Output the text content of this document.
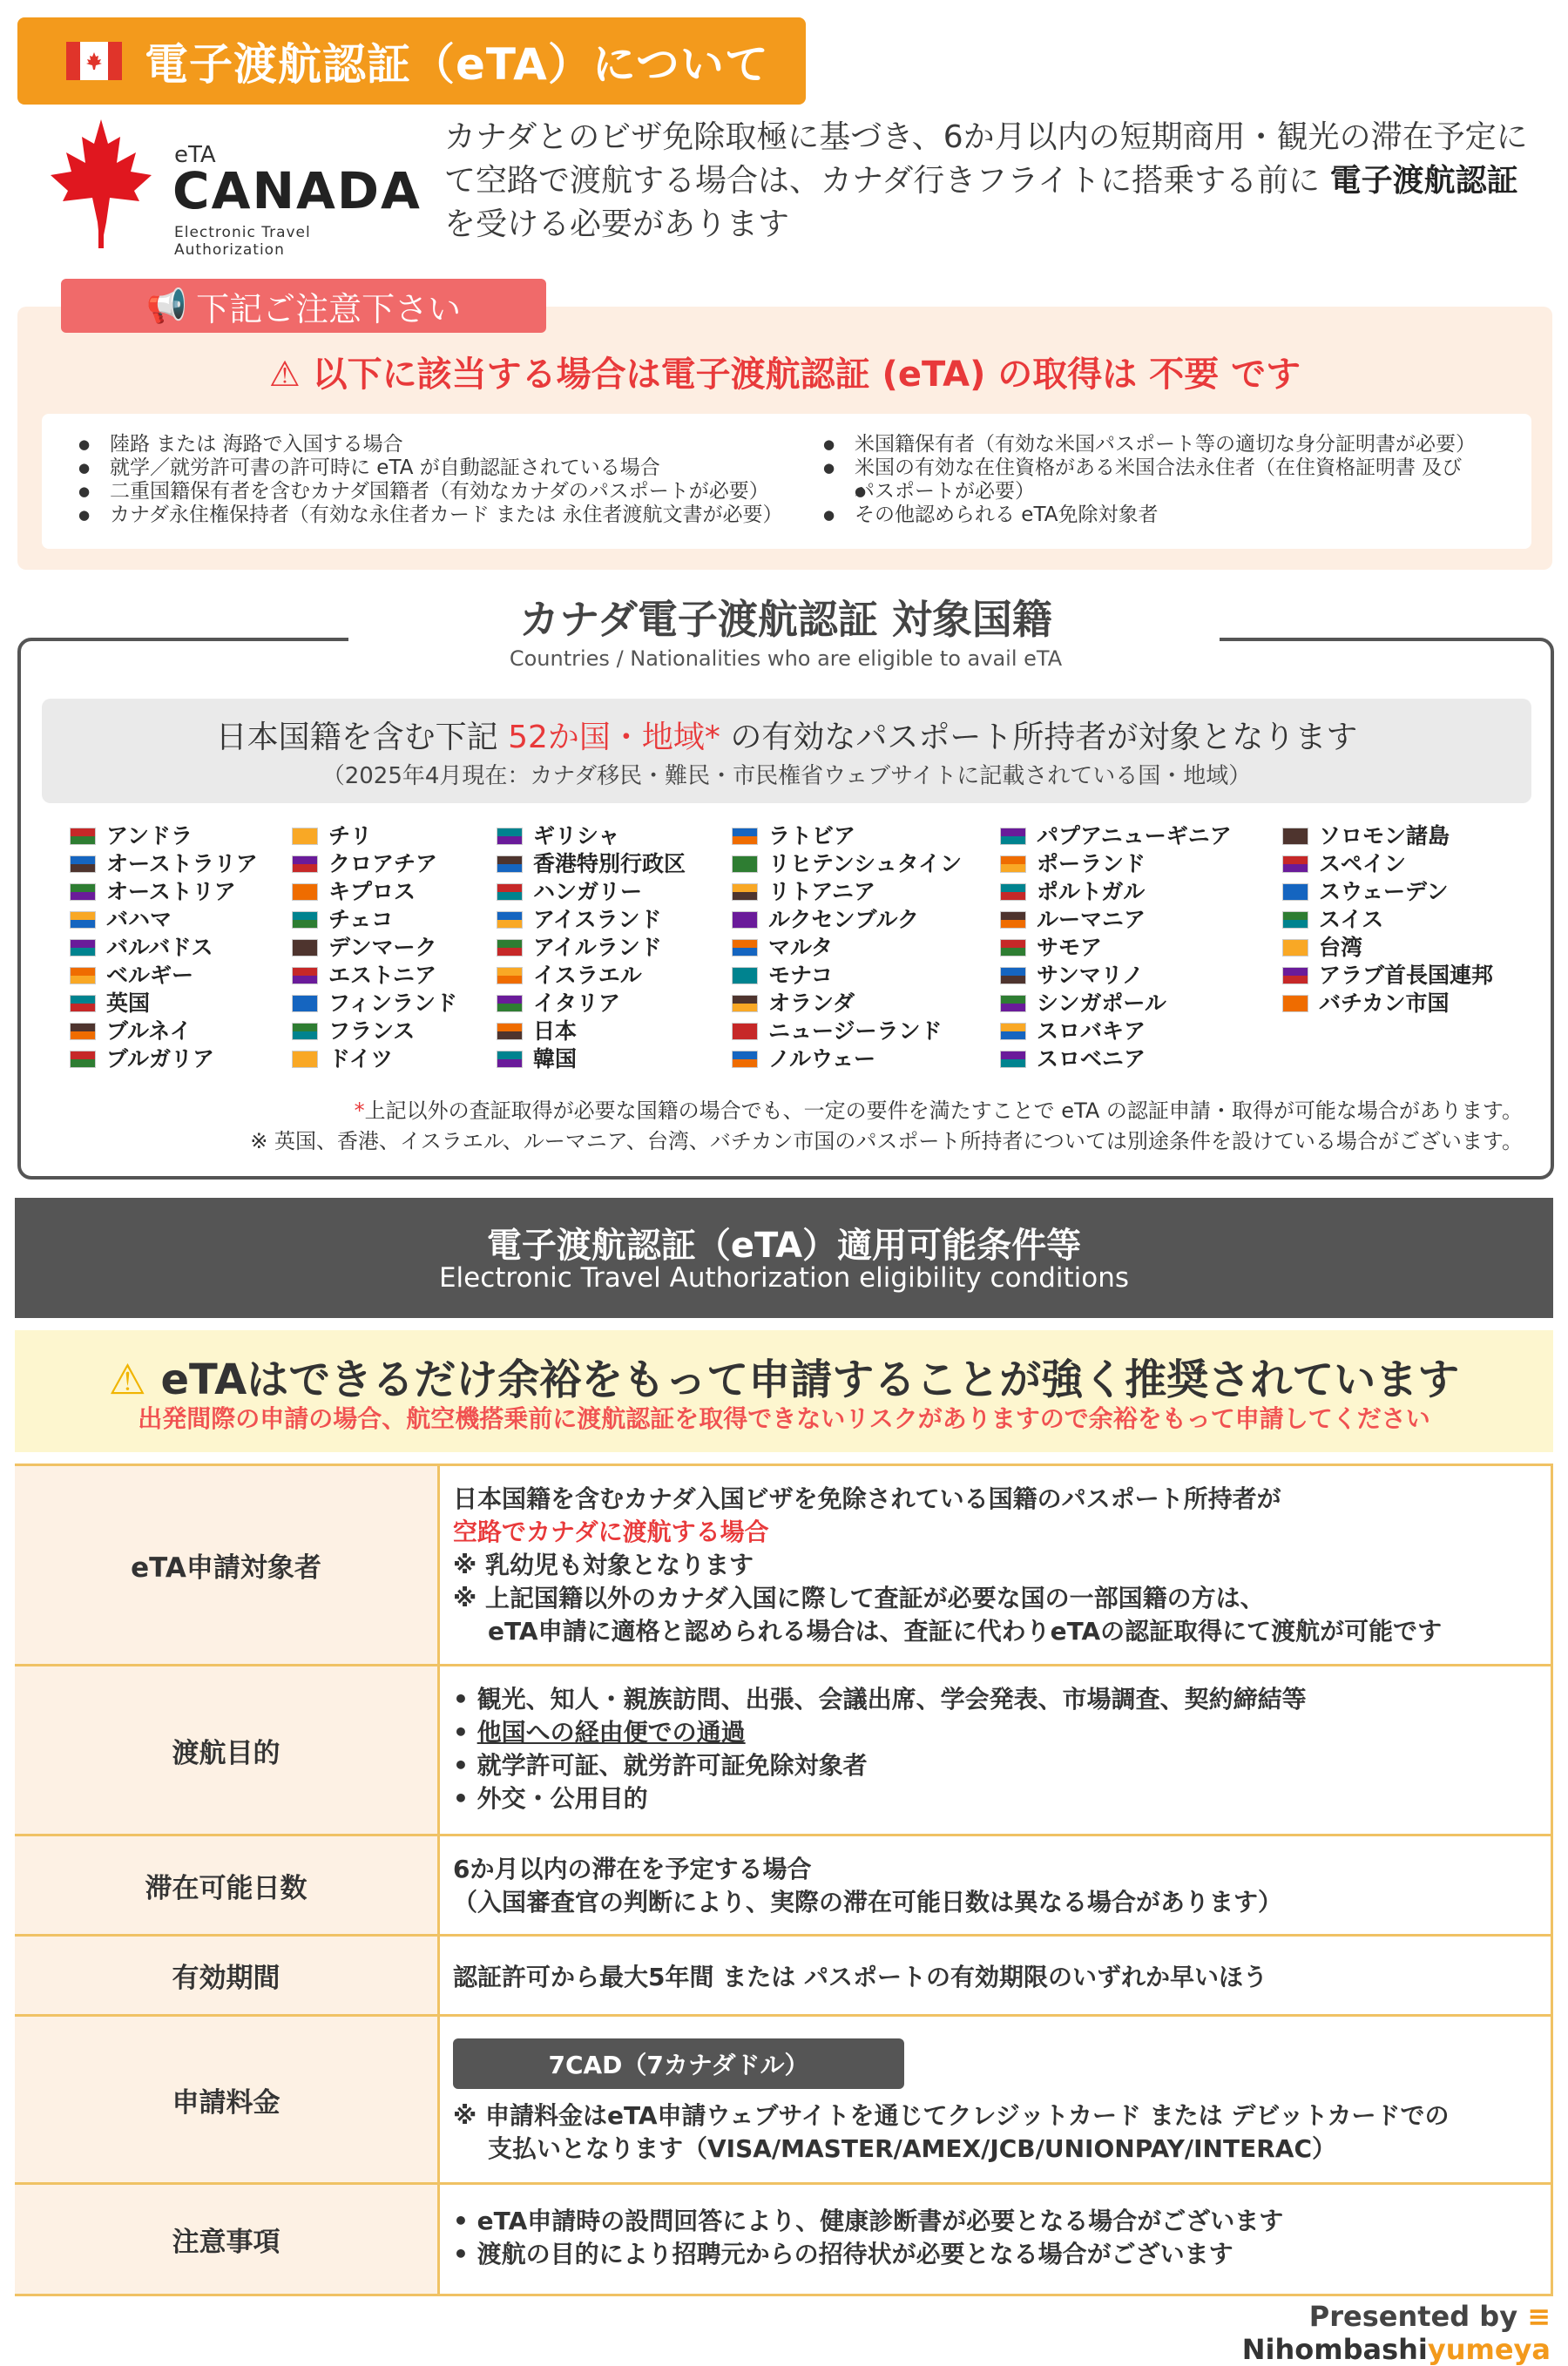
電子渡航認証（eTA）について
eTA
CANADA
Electronic Travel Authorization
カナダとのビザ免除取極に基づき、6か月以内の短期商用・観光の滞在予定にて空路で渡航する場合は、カナダ行きフライトに搭乗する前に 電子渡航認証 を受ける必要があります
📢 下記ご注意下さい
⚠ 以下に該当する場合は電子渡航認証 (eTA) の取得は 不要 です
● 陸路 または 海路で入国する場合
● 就学／就労許可書の許可時に eTA が自動認証されている場合
● 二重国籍保有者を含むカナダ国籍者（有効なカナダのパスポートが必要）
● カナダ永住権保持者（有効な永住者カード または 永住者渡航文書が必要）
● 米国籍保有者（有効な米国パスポート等の適切な身分証明書が必要）
● 米国の有効な在住資格がある米国合法永住者（在住資格証明書 及び
● パスポートが必要）
● その他認められる eTA免除対象者
カナダ電子渡航認証 対象国籍
Countries / Nationalities who are eligible to avail eTA
日本国籍を含む下記 52か国・地域* の有効なパスポート所持者が対象となります
（2025年4月現在：カナダ移民・難民・市民権省ウェブサイトに記載されている国・地域）
アンドラ
オーストラリア
オーストリア
バハマ
バルバドス
ベルギー
英国
ブルネイ
ブルガリア
チリ
クロアチア
キプロス
チェコ
デンマーク
エストニア
フィンランド
フランス
ドイツ
ギリシャ
香港特別行政区
ハンガリー
アイスランド
アイルランド
イスラエル
イタリア
日本
韓国
ラトビア
リヒテンシュタイン
リトアニア
ルクセンブルク
マルタ
モナコ
オランダ
ニュージーランド
ノルウェー
パプアニューギニア
ポーランド
ポルトガル
ルーマニア
サモア
サンマリノ
シンガポール
スロバキア
スロベニア
ソロモン諸島
スペイン
スウェーデン
スイス
台湾
アラブ首長国連邦
バチカン市国
*上記以外の査証取得が必要な国籍の場合でも、一定の要件を満たすことで eTA の認証申請・取得が可能な場合があります。
※ 英国、香港、イスラエル、ルーマニア、台湾、バチカン市国のパスポート所持者については別途条件を設けている場合がございます。
電子渡航認証（eTA）適用可能条件等
Electronic Travel Authorization eligibility conditions
⚠ eTAはできるだけ余裕をもって申請することが強く推奨されています
出発間際の申請の場合、航空機搭乗前に渡航認証を取得できないリスクがありますので余裕をもって申請してください
eTA申請対象者
日本国籍を含むカナダ入国ビザを免除されている国籍のパスポート所持者が
空路でカナダに渡航する場合
※ 乳幼児も対象となります
※ 上記国籍以外のカナダ入国に際して査証が必要な国の一部国籍の方は、
eTA申請に適格と認められる場合は、査証に代わりeTAの認証取得にて渡航が可能です
渡航目的
• 観光、知人・親族訪問、出張、会議出席、学会発表、市場調査、契約締結等
• 他国への経由便での通過
• 就学許可証、就労許可証免除対象者
• 外交・公用目的
滞在可能日数
6か月以内の滞在を予定する場合
（入国審査官の判断により、実際の滞在可能日数は異なる場合があります）
有効期間	認証許可から最大5年間 または パスポートの有効期限のいずれか早いほう
申請料金
7CAD（7カナダドル）
※ 申請料金はeTA申請ウェブサイトを通じてクレジットカード または デビットカードでの
支払いとなります（VISA/MASTER/AMEX/JCB/UNIONPAY/INTERAC）
注意事項
• eTA申請時の設問回答により、健康診断書が必要となる場合がございます
• 渡航の目的により招聘元からの招待状が必要となる場合がございます
Presented by ≡ Nihombashiyumeya
